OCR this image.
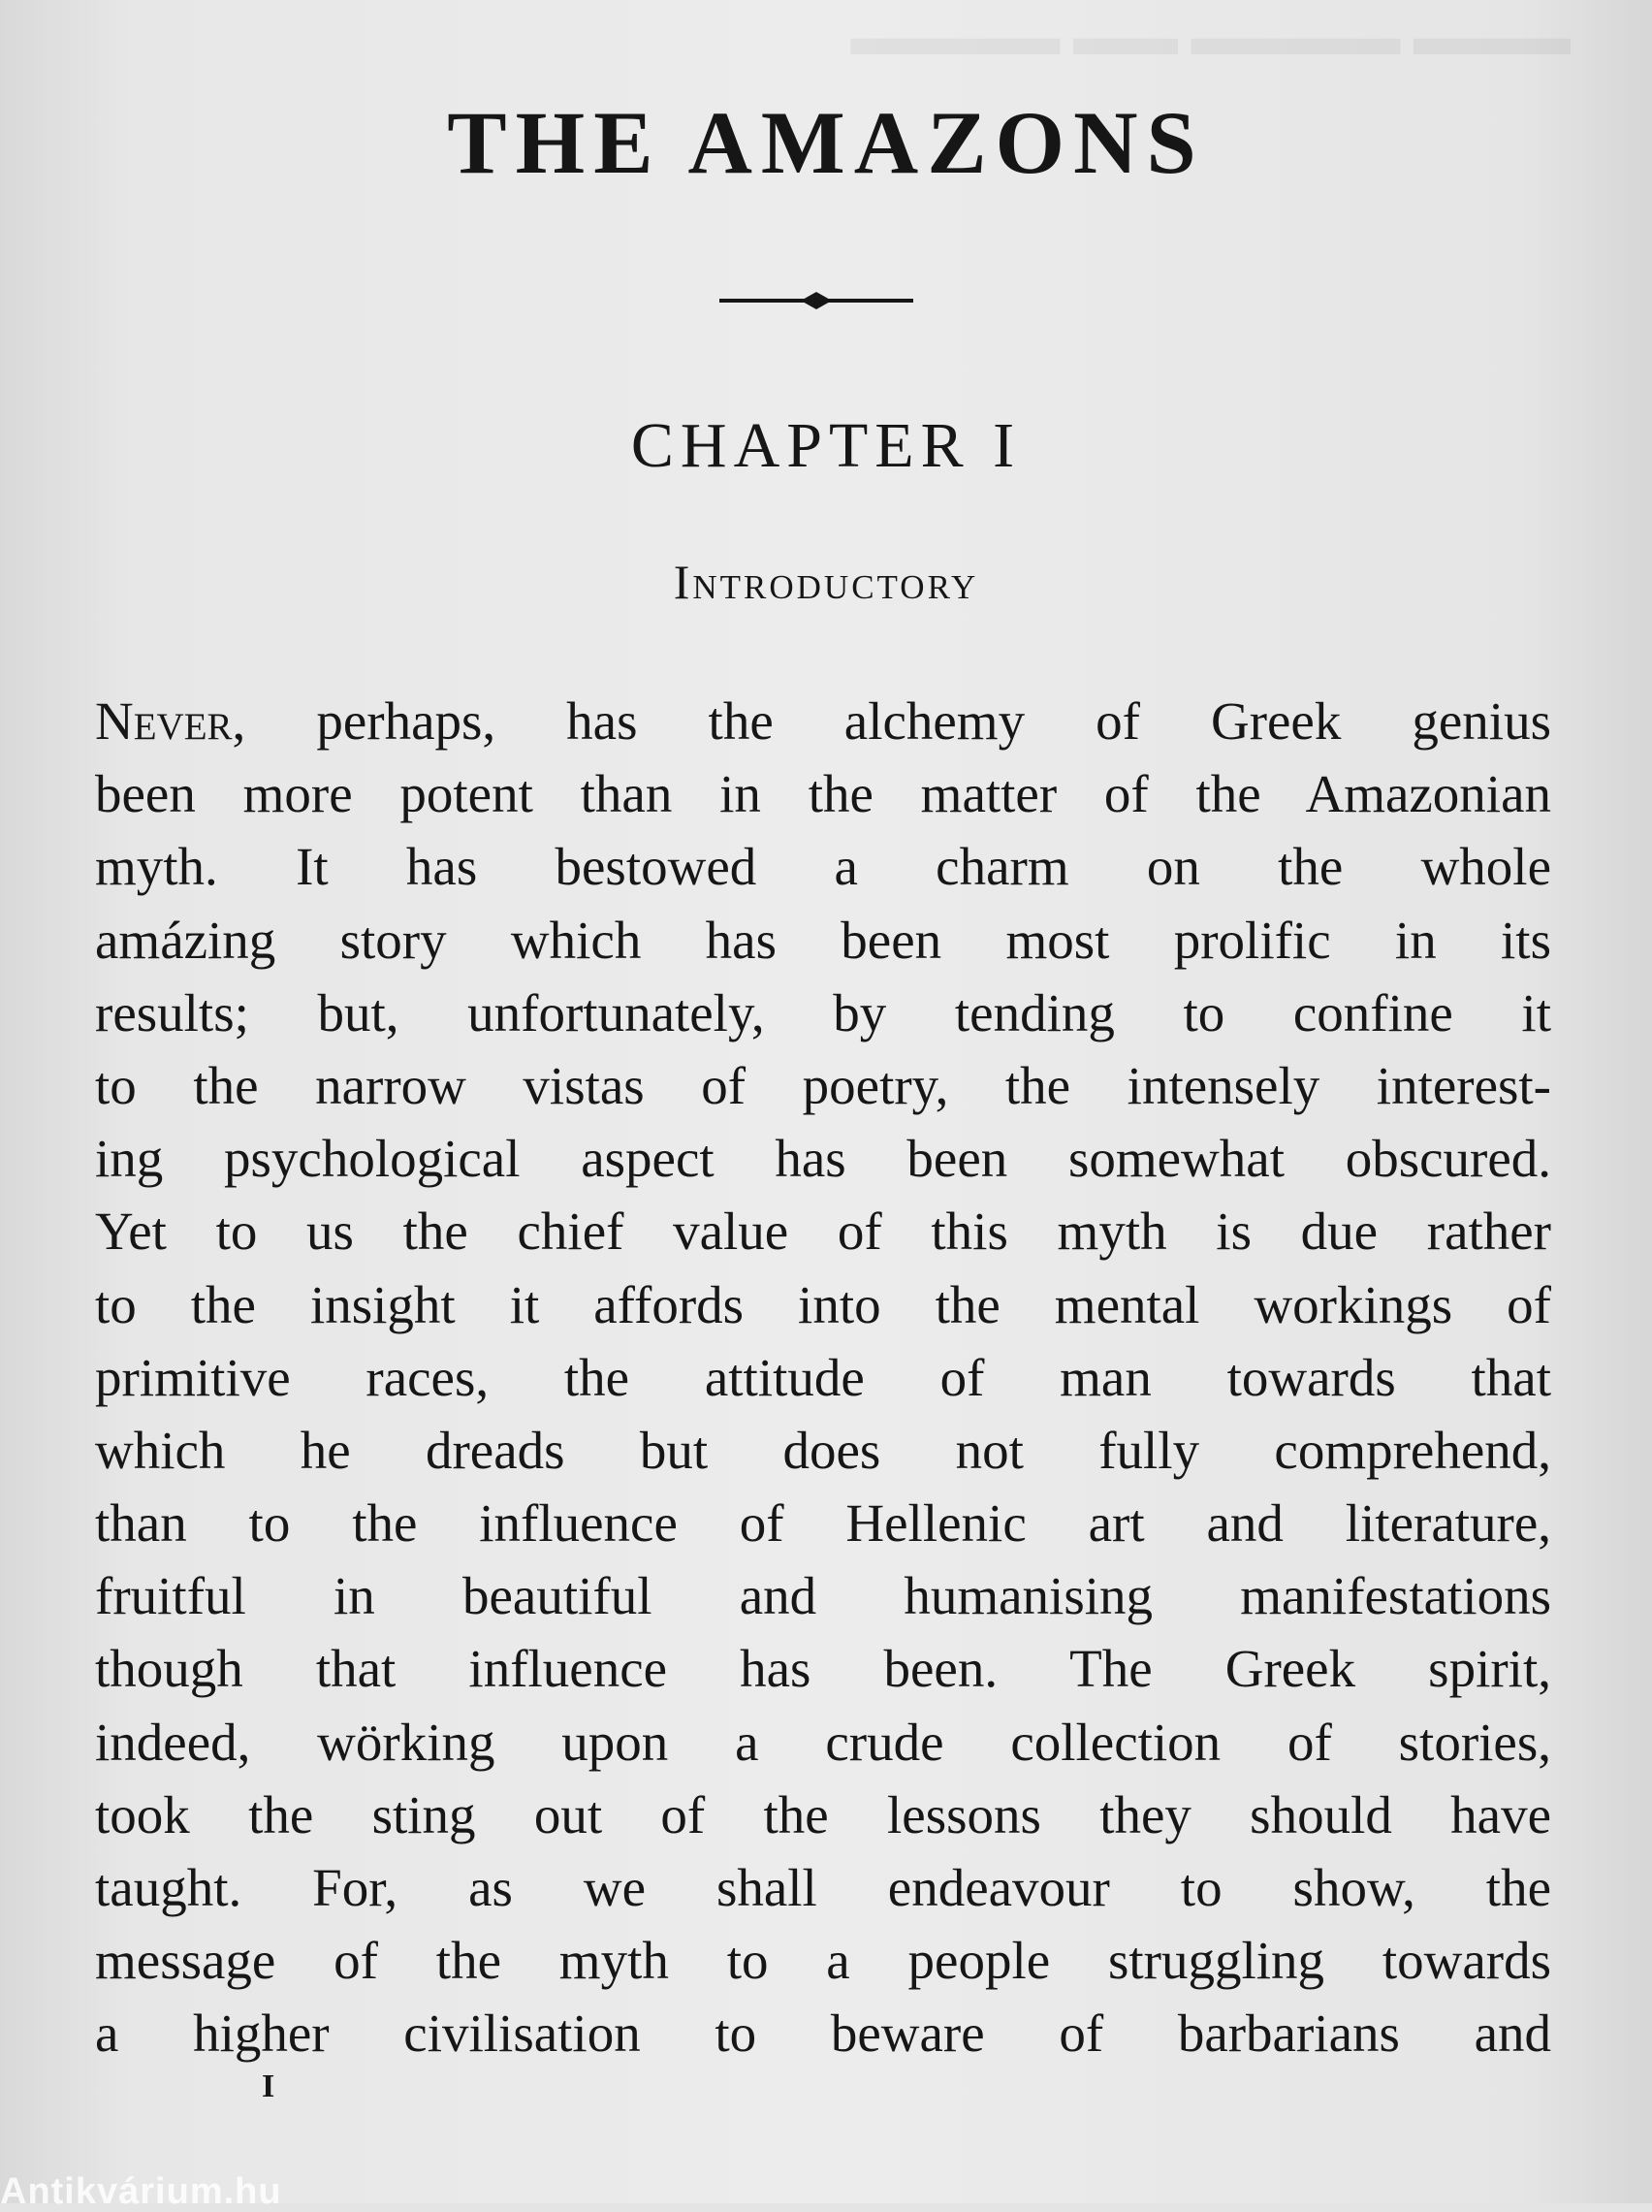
▬▬▬ ▬▬▬▬ ▬▬ ▬▬▬▬
THE AMAZONS
CHAPTER I
Introductory
Never, perhaps, has the alchemy of Greek genius
been more potent than in the matter of the Amazonian
myth. It has bestowed a charm on the whole
amázing story which has been most prolific in its
results; but, unfortunately, by tending to confine it
to the narrow vistas of poetry, the intensely interest-
ing psychological aspect has been somewhat obscured.
Yet to us the chief value of this myth is due rather
to the insight it affords into the mental workings of
primitive races, the attitude of man towards that
which he dreads but does not fully comprehend,
than to the influence of Hellenic art and literature,
fruitful in beautiful and humanising manifestations
though that influence has been. The Greek spirit,
indeed, wörking upon a crude collection of stories,
took the sting out of the lessons they should have
taught. For, as we shall endeavour to show, the
message of the myth to a people struggling towards
a higher civilisation to beware of barbarians and
I
Antikvárium.hu
